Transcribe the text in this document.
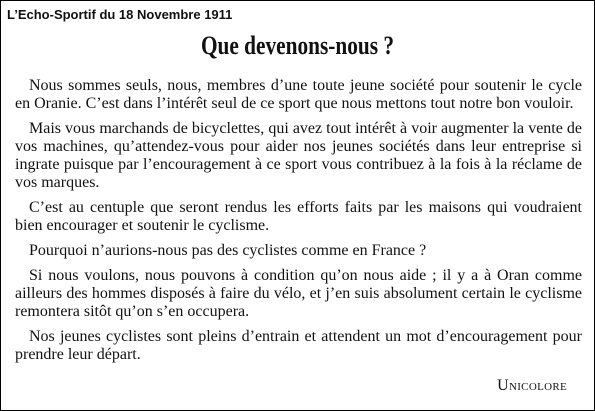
L’Echo-Sportif du 18 Novembre 1911
Que devenons-nous ?

Nous sommes seuls, nous, membres d’une toute jeune société pour soutenir le cycle en Oranie. C’est dans l’intérêt seul de ce sport que nous mettons tout notre bon vouloir.

Mais vous marchands de bicyclettes, qui avez tout intérêt à voir augmenter la vente de vos machines, qu’attendez-vous pour aider nos jeunes sociétés dans leur entreprise si ingrate puisque par l’encouragement à ce sport vous contribuez à la fois à la réclame de vos marques.

C’est au centuple que seront rendus les efforts faits par les maisons qui voudraient bien encourager et soutenir le cyclisme.

Pourquoi n’aurions-nous pas des cyclistes comme en France ?

Si nous voulons, nous pouvons à condition qu’on nous aide ; il y a à Oran comme ailleurs des hommes disposés à faire du vélo, et j’en suis absolument certain le cyclisme remontera sitôt qu’on s’en occupera.

Nos jeunes cyclistes sont pleins d’entrain et attendent un mot d’encouragement pour prendre leur départ.

Unicolore
